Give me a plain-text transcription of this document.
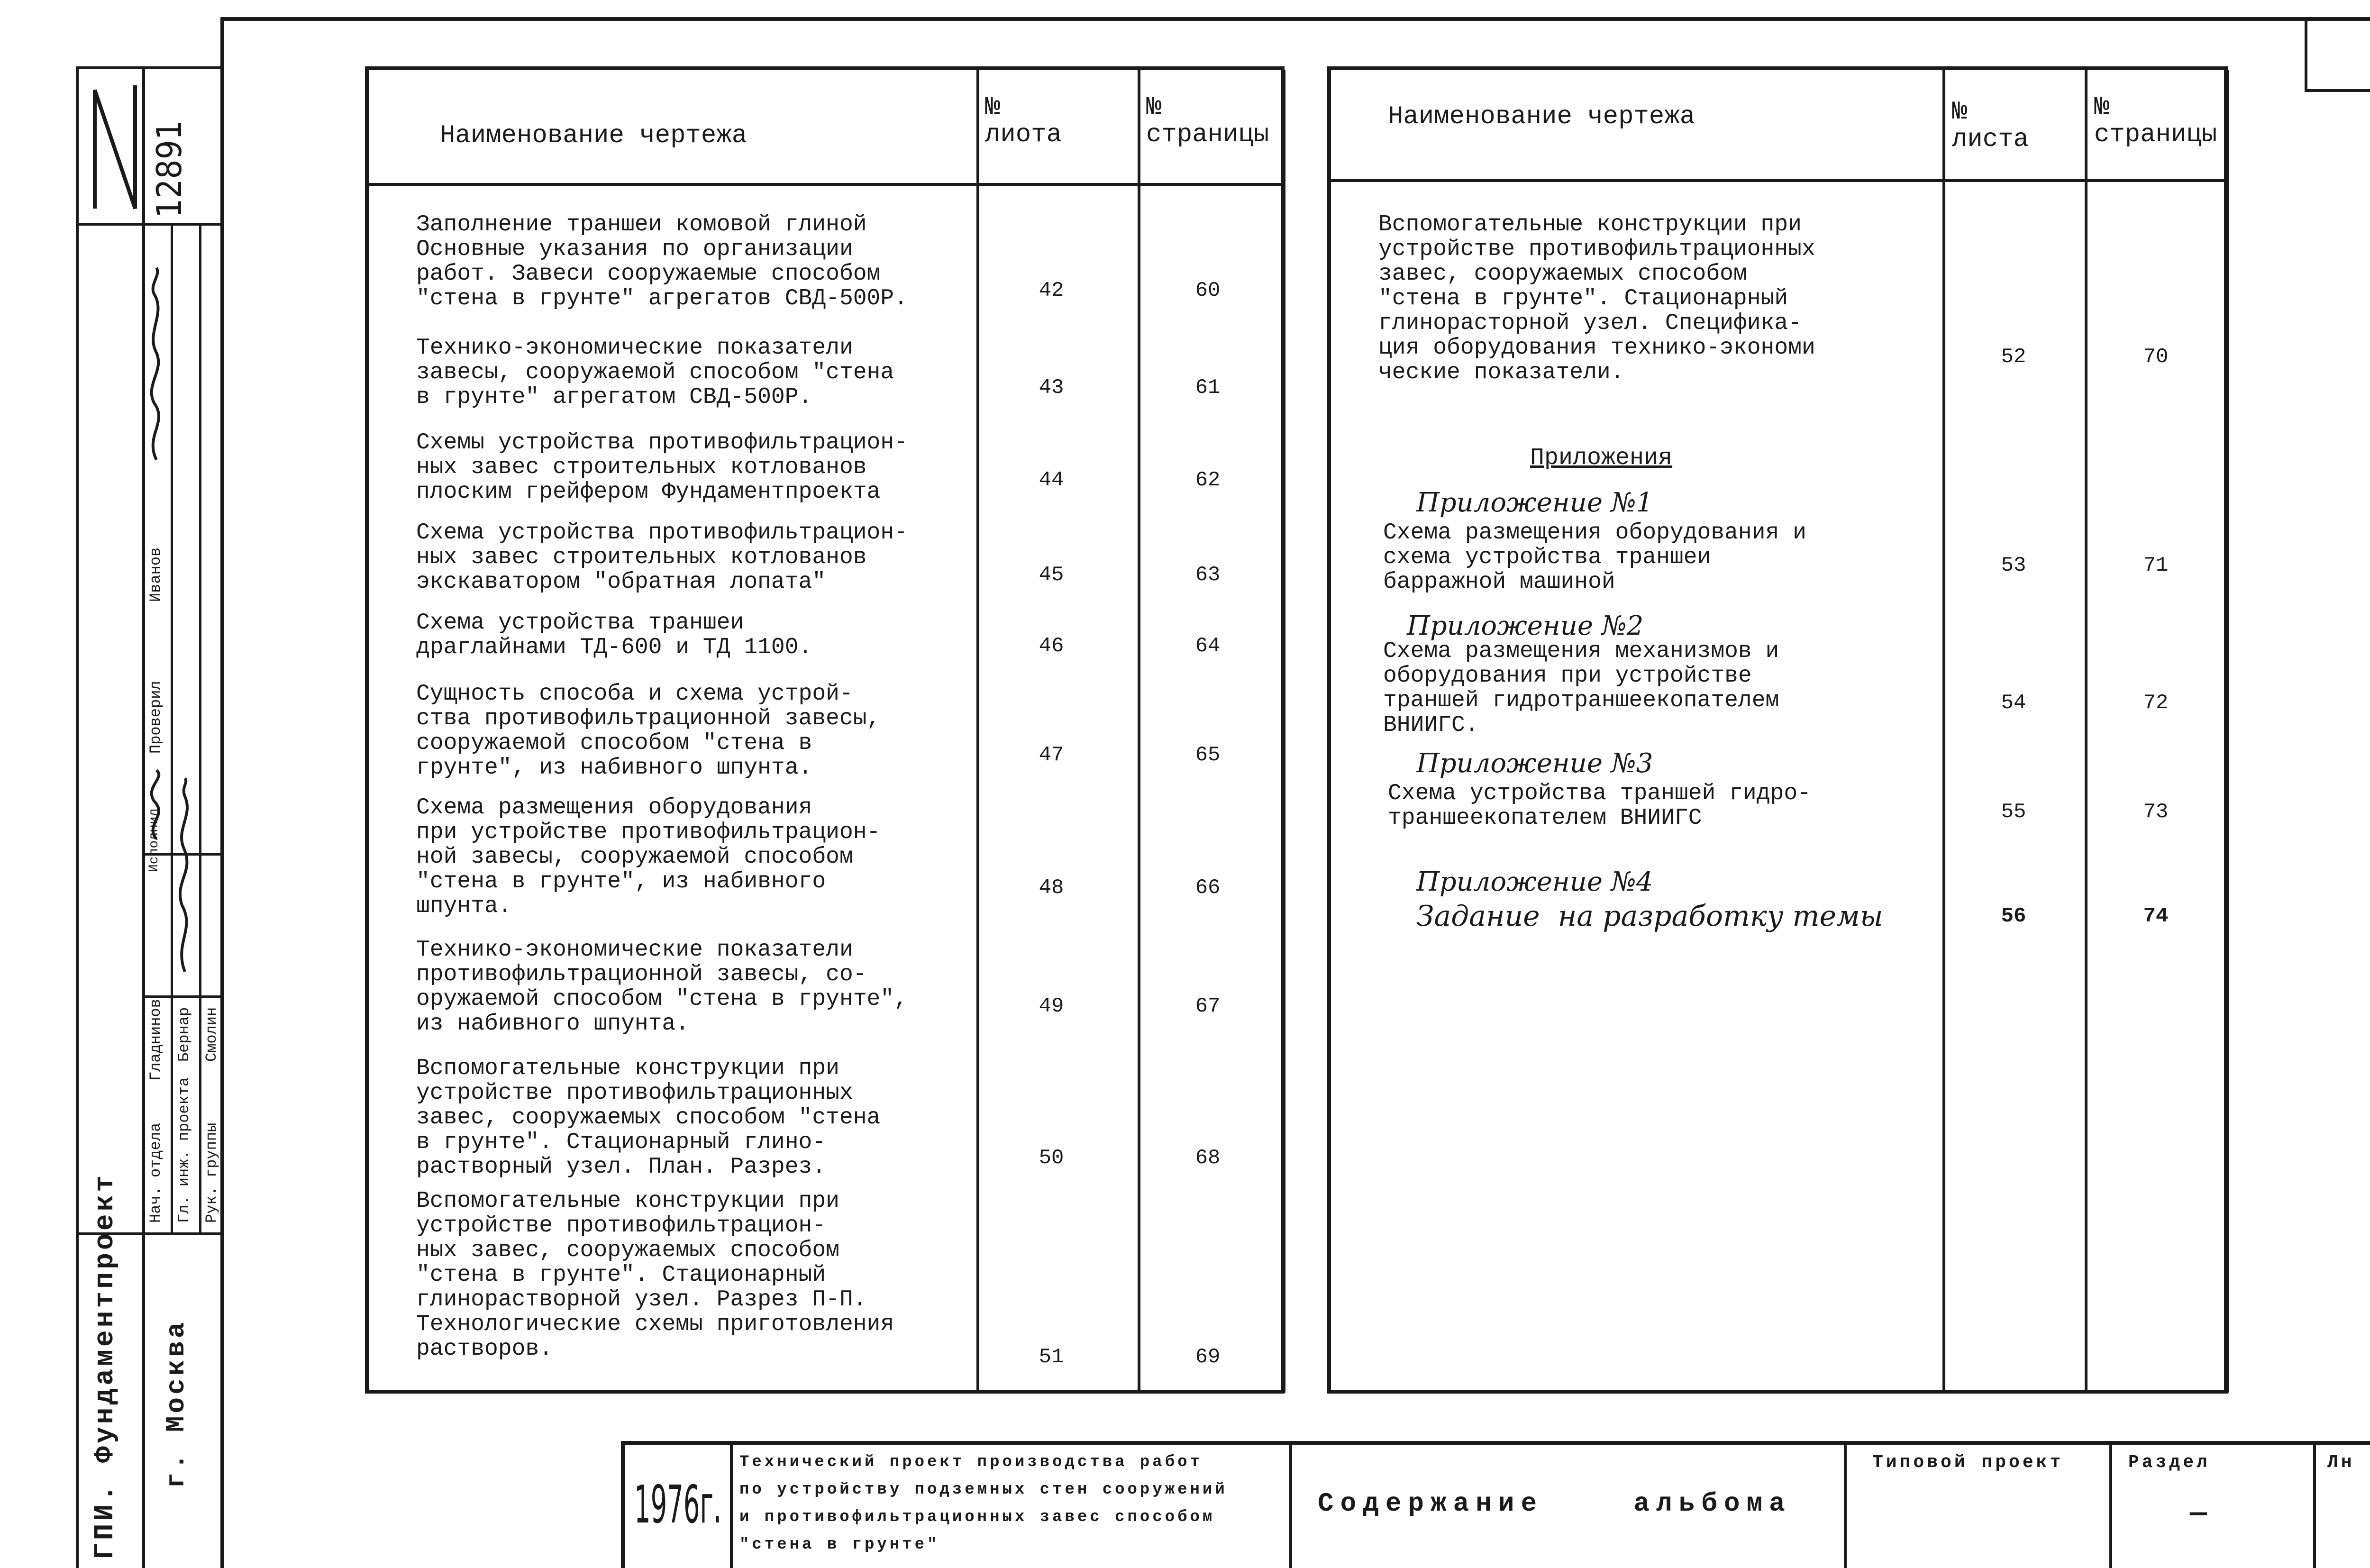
12891
ГПИ. Фундаментпроект г. Москва
Нач. отдела Гл. инж. проекта Рук. группы
Проверил
Исполнил
Гладнинов Бернар Смолин
Иванов
Наименование чертежа
№
лиота
№
страницы
Заполнение траншеи комовой глиной
Основные указания по организации
работ. Завеси сооружаемые способом
"стена в грунте" агрегатов СВД-500Р.	42	60
Технико-экономические показатели
завесы, сооружаемой способом "стена
в грунте" агрегатом СВД-500Р.	43	61
Схемы устройства противофильтрацион-
ных завес строительных котлованов
плоским грейфером Фундаментпроекта	44	62
Схема устройства противофильтрацион-
ных завес строительных котлованов
экскаватором "обратная лопата"	45	63
Схема устройства траншеи
драглайнами ТД-600 и ТД 1100.	46	64
Сущность способа и схема устрой-
ства противофильтрационной завесы,
сооружаемой способом "стена в
грунте", из набивного шпунта.	47	65
Схема размещения оборудования
при устройстве противофильтрацион-
ной завесы, сооружаемой способом
"стена в грунте", из набивного
шпунта.
48	66
Технико-экономические показатели
противофильтрационной завесы, со-
оружаемой способом "стена в грунте",
из набивного шпунта.
49	67
Вспомогательные конструкции при
устройстве противофильтрационных
завес, сооружаемых способом "стена
в грунте". Стационарный глино-
растворный узел. План. Разрез.	50	68
Вспомогательные конструкции при
устройстве противофильтрацион-
ных завес, сооружаемых способом
"стена в грунте". Стационарный
глинорастворной узел. Разрез П-П.
Технологические схемы приготовления
растворов.	51	69
Наименование чертежа	№
листа
№
страницы
Вспомогательные конструкции при
устройстве противофильтрационных
завес, сооружаемых способом
"стена в грунте". Стационарный
глинорасторной узел. Специфика-
ция оборудования технико-экономи
ческие показатели.
52	70
Приложения
Приложение №1
Схема размещения оборудования и
схема устройства траншеи
барражной машиной
53	71
Приложение №2
Схема размещения механизмов и
оборудования при устройстве
траншей гидротраншеекопателем
ВНИИГС.
54	72
Приложение №3
Схема устройства траншей гидро-
траншеекопателем ВНИИГС	55	73
Приложение №4
Задание  на разработку темы	56	74
1976г.
Технический проект производства работ
по устройству подземных стен сооружений
и противофильтрационных завес способом
"стена в грунте"
Содержание    альбома
Типовой проект	Раздел
—
Лн
